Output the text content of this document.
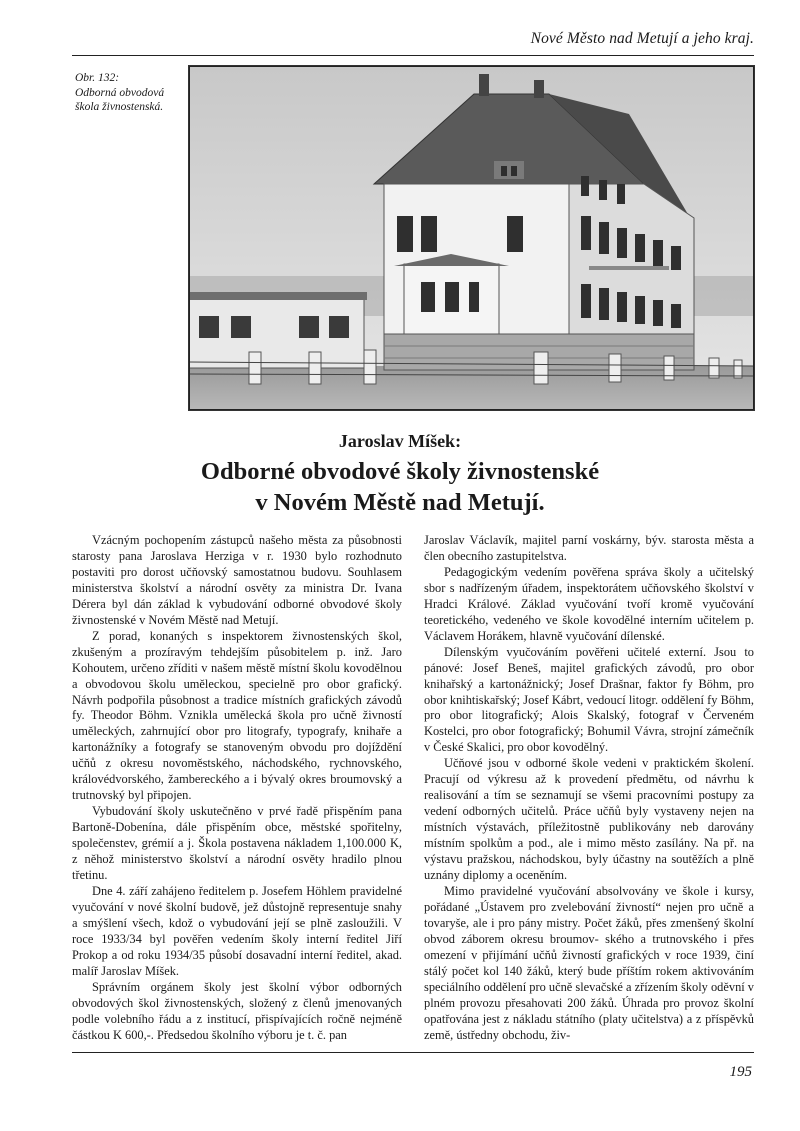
Nové Město nad Metují a jeho kraj.
Obr. 132:
Odborná obvodová
škola živnostenská.
Jaroslav Míšek:
Odborné obvodové školy živnostenské
v Novém Městě nad Metují.

Vzácným pochopením zástupců našeho města za působnosti starosty pana Jaroslava Herziga v r. 1930 bylo rozhodnuto postaviti pro dorost učňovský samostatnou budovu. Souhlasem ministerstva školství a národní osvěty za ministra Dr. Ivana Dérera byl dán základ k vybudování odborné obvodové školy živnostenské v Novém Městě nad Metují.

Z porad, konaných s inspektorem živnostenských škol, zkušeným a prozíravým tehdejším působitelem p. inž. Jaro Kohoutem, určeno zříditi v našem městě místní školu kovodělnou a obvodovou školu uměleckou, specielně pro obor grafický. Návrh podpořila působnost a tradice místních grafických závodů fy. Theodor Böhm. Vznikla umělecká škola pro učně živností uměleckých, zahrnující obor pro litografy, typografy, knihaře a kartonážníky a fotografy se stanoveným obvodu pro dojíždění učňů z okresu novoměstského, náchodského, rychnovského, královédvorského, žambereckého a i bývalý okres broumovský a trutnovský byl připojen.

Vybudování školy uskutečněno v prvé řadě přispěním pana Bartoně-Dobenína, dále přispěním obce, městské spořitelny, společenstev, grémií a j. Škola postavena nákladem 1,100.000 K, z něhož ministerstvo školství a národní osvěty hradilo plnou třetinu.

Dne 4. září zahájeno ředitelem p. Josefem Höhlem pravidelné vyučování v nové školní budově, jež důstojně representuje snahy a smýšlení všech, kdož o vybudování její se plně zasloužili. V roce 1933/34 byl pověřen vedením školy interní ředitel Jiří Prokop a od roku 1934/35 působí dosavadní interní ředitel, akad. malíř Jaroslav Míšek.

Správním orgánem školy jest školní výbor odborných obvodových škol živnostenských, složený z členů jmenovaných podle volebního řádu a z institucí, přispívajících ročně nejméně částkou K 600,-. Předsedou školního výboru je t. č. pan

Jaroslav Václavík, majitel parní voskárny, býv. starosta města a člen obecního zastupitelstva.

Pedagogickým vedením pověřena správa školy a učitelský sbor s nadřízeným úřadem, inspektorátem učňovského školství v Hradci Králové. Základ vyučování tvoří kromě vyučování teoretického, vedeného ve škole kovodělné interním učitelem p. Václavem Horákem, hlavně vyučování dílenské.

Dílenským vyučováním pověřeni učitelé externí. Jsou to pánové: Josef Beneš, majitel grafických závodů, pro obor knihařský a kartonážnický; Josef Drašnar, faktor fy Böhm, pro obor knihtiskařský; Josef Kábrt, vedoucí litogr. oddělení fy Böhm, pro obor litografický; Alois Skalský, fotograf v Červeném Kostelci, pro obor fotografický; Bohumil Vávra, strojní zámečník v České Skalici, pro obor kovodělný.

Učňové jsou v odborné škole vedeni v praktickém školení. Pracují od výkresu až k provedení předmětu, od návrhu k realisování a tím se seznamují se všemi pracovními postupy za vedení odborných učitelů. Práce učňů byly vystaveny nejen na místních výstavách, příležitostně publikovány neb darovány místním spolkům a pod., ale i mimo město zasílány. Na př. na výstavu pražskou, náchodskou, byly účastny na soutěžích a plně uznány diplomy a oceněním.

Mimo pravidelné vyučování absolvovány ve škole i kursy, pořádané „Ústavem pro zvelebování živností“ nejen pro učně a tovaryše, ale i pro pány mistry. Počet žáků, přes zmenšený školní obvod záborem okresu broumov- ského a trutnovského i přes omezení v přijímání učňů živností grafických v roce 1939, činí stálý počet kol 140 žáků, který bude příštím rokem aktivováním speciálního oddělení pro učně slevačské a zřízením školy oděvní v plném provozu přesahovati 200 žáků. Úhrada pro provoz školní opatřována jest z nákladu státního (platy učitelstva) a z příspěvků země, ústředny obchodu, živ-

195
